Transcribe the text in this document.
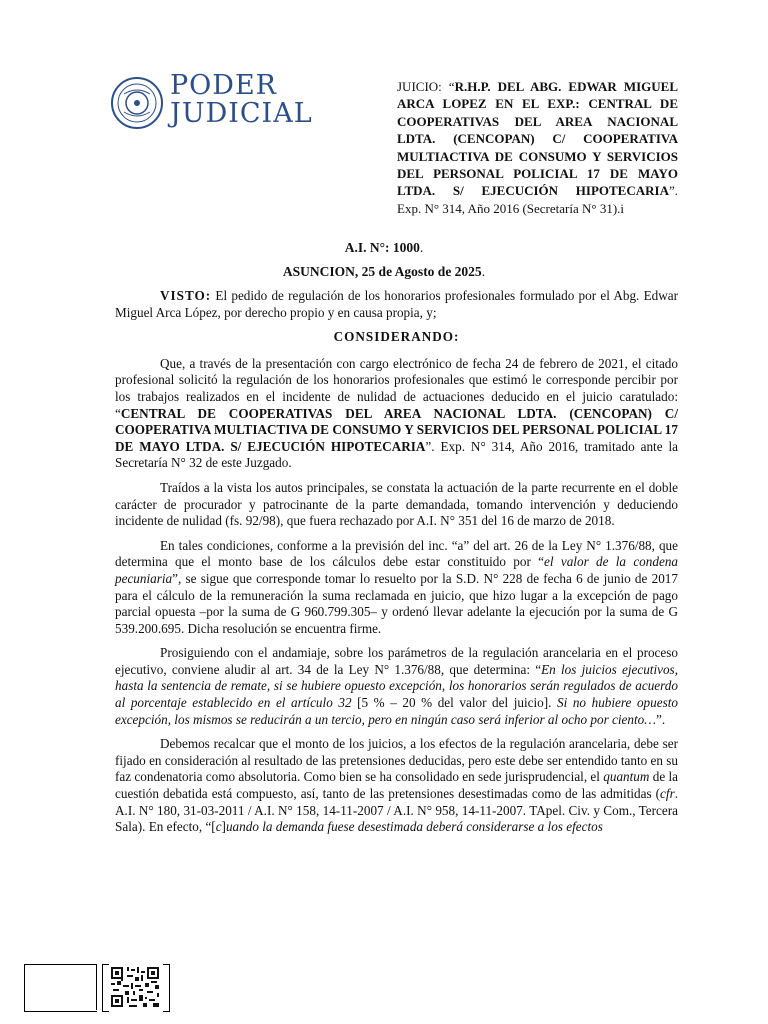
PODER
JUDICIAL
JUICIO: “R.H.P. DEL ABG. EDWAR MIGUEL ARCA LOPEZ EN EL EXP.: CENTRAL DE COOPERATIVAS DEL AREA NACIONAL LDTA. (CENCOPAN) C/ COOPERATIVA MULTIACTIVA DE CONSUMO Y SERVICIOS DEL PERSONAL POLICIAL 17 DE MAYO LTDA. S/ EJECUCIÓN HIPOTECARIA”.
Exp. N° 314, Año 2016 (Secretaría N° 31).i
A.I. N°: 1000.
ASUNCION, 25 de Agosto de 2025.

VISTO: El pedido de regulación de los honorarios profesionales formulado por el Abg. Edwar Miguel Arca López, por derecho propio y en causa propia, y;

CONSIDERANDO:

Que, a través de la presentación con cargo electrónico de fecha 24 de febrero de 2021, el citado profesional solicitó la regulación de los honorarios profesionales que estimó le corresponde percibir por los trabajos realizados en el incidente de nulidad de actuaciones deducido en el juicio caratulado: “CENTRAL DE COOPERATIVAS DEL AREA NACIONAL LDTA. (CENCOPAN) C/ COOPERATIVA MULTIACTIVA DE CONSUMO Y SERVICIOS DEL PERSONAL POLICIAL 17 DE MAYO LTDA. S/ EJECUCIÓN HIPOTECARIA”. Exp. N° 314, Año 2016, tramitado ante la Secretaría N° 32 de este Juzgado.

Traídos a la vista los autos principales, se constata la actuación de la parte recurrente en el doble carácter de procurador y patrocinante de la parte demandada, tomando intervención y deduciendo incidente de nulidad (fs. 92/98), que fuera rechazado por A.I. N° 351 del 16 de marzo de 2018.

En tales condiciones, conforme a la previsión del inc. “a” del art. 26 de la Ley N° 1.376/88, que determina que el monto base de los cálculos debe estar constituido por “el valor de la condena pecuniaria”, se sigue que corresponde tomar lo resuelto por la S.D. N° 228 de fecha 6 de junio de 2017 para el cálculo de la remuneración la suma reclamada en juicio, que hizo lugar a la excepción de pago parcial opuesta –por la suma de G 960.799.305– y ordenó llevar adelante la ejecución por la suma de G 539.200.695. Dicha resolución se encuentra firme.

Prosiguiendo con el andamiaje, sobre los parámetros de la regulación arancelaria en el proceso ejecutivo, conviene aludir al art. 34 de la Ley N° 1.376/88, que determina: “En los juicios ejecutivos, hasta la sentencia de remate, si se hubiere opuesto excepción, los honorarios serán regulados de acuerdo al porcentaje establecido en el artículo 32 [5 % – 20 % del valor del juicio]. Si no hubiere opuesto excepción, los mismos se reducirán a un tercio, pero en ningún caso será inferior al ocho por ciento…”.

Debemos recalcar que el monto de los juicios, a los efectos de la regulación arancelaria, debe ser fijado en consideración al resultado de las pretensiones deducidas, pero este debe ser entendido tanto en su faz condenatoria como absolutoria. Como bien se ha consolidado en sede jurisprudencial, el quantum de la cuestión debatida está compuesto, así, tanto de las pretensiones desestimadas como de las admitidas (cfr. A.I. N° 180, 31-03-2011 / A.I. N° 158, 14-11-2007 / A.I. N° 958, 14-11-2007. TApel. Civ. y Com., Tercera Sala). En efecto, “[c]uando la demanda fuese desestimada deberá considerarse a los efectos
